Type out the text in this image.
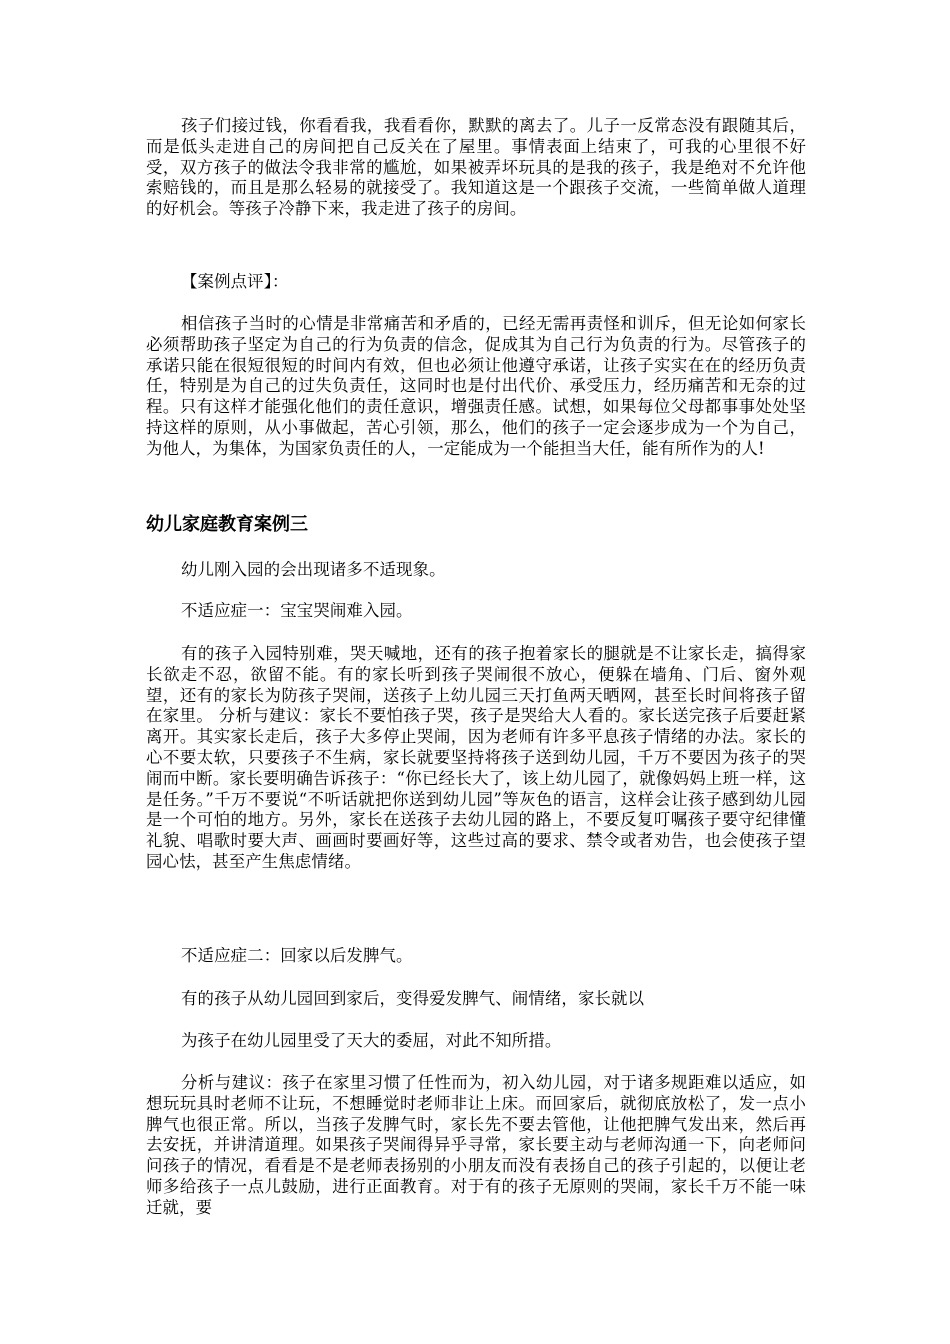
孩子们接过钱，你看看我，我看看你，默默的离去了。儿子一反常态没有跟随其后，而是低头走进自己的房间把自己反关在了屋里。事情表面上结束了，可我的心里很不好受，双方孩子的做法令我非常的尴尬，如果被弄坏玩具的是我的孩子，我是绝对不允许他索赔钱的，而且是那么轻易的就接受了。我知道这是一个跟孩子交流，一些简单做人道理的好机会。等孩子冷静下来，我走进了孩子的房间。

【案例点评】：

相信孩子当时的心情是非常痛苦和矛盾的，已经无需再责怪和训斥，但无论如何家长必须帮助孩子坚定为自己的行为负责的信念，促成其为自己行为负责的行为。尽管孩子的承诺只能在很短很短的时间内有效，但也必须让他遵守承诺，让孩子实实在在的经历负责任，特别是为自己的过失负责任，这同时也是付出代价、承受压力，经历痛苦和无奈的过程。只有这样才能强化他们的责任意识，增强责任感。试想，如果每位父母都事事处处坚持这样的原则，从小事做起，苦心引领，那么，他们的孩子一定会逐步成为一个为自己，为他人，为集体，为国家负责任的人，一定能成为一个能担当大任，能有所作为的人!

幼儿家庭教育案例三

幼儿刚入园的会出现诸多不适现象。

不适应症一：宝宝哭闹难入园。

有的孩子入园特别难，哭天喊地，还有的孩子抱着家长的腿就是不让家长走，搞得家长欲走不忍，欲留不能。有的家长听到孩子哭闹很不放心，便躲在墙角、门后、窗外观望，还有的家长为防孩子哭闹，送孩子上幼儿园三天打鱼两天晒网，甚至长时间将孩子留在家里。 分析与建议：家长不要怕孩子哭，孩子是哭给大人看的。家长送完孩子后要赶紧离开。其实家长走后，孩子大多停止哭闹，因为老师有许多平息孩子情绪的办法。家长的心不要太软，只要孩子不生病，家长就要坚持将孩子送到幼儿园，千万不要因为孩子的哭闹而中断。家长要明确告诉孩子：“你已经长大了，该上幼儿园了，就像妈妈上班一样，这是任务。”千万不要说“不听话就把你送到幼儿园”等灰色的语言，这样会让孩子感到幼儿园是一个可怕的地方。另外，家长在送孩子去幼儿园的路上，不要反复叮嘱孩子要守纪律懂礼貌、唱歌时要大声、画画时要画好等，这些过高的要求、禁令或者劝告，也会使孩子望园心怯，甚至产生焦虑情绪。

不适应症二：回家以后发脾气。

有的孩子从幼儿园回到家后，变得爱发脾气、闹情绪，家长就以

为孩子在幼儿园里受了天大的委屈，对此不知所措。

分析与建议：孩子在家里习惯了任性而为，初入幼儿园，对于诸多规距难以适应，如想玩玩具时老师不让玩，不想睡觉时老师非让上床。而回家后，就彻底放松了，发一点小脾气也很正常。所以，当孩子发脾气时，家长先不要去管他，让他把脾气发出来，然后再去安抚，并讲清道理。如果孩子哭闹得异乎寻常，家长要主动与老师沟通一下，向老师问问孩子的情况，看看是不是老师表扬别的小朋友而没有表扬自己的孩子引起的，以便让老师多给孩子一点儿鼓励，进行正面教育。对于有的孩子无原则的哭闹，家长千万不能一味迁就，要
